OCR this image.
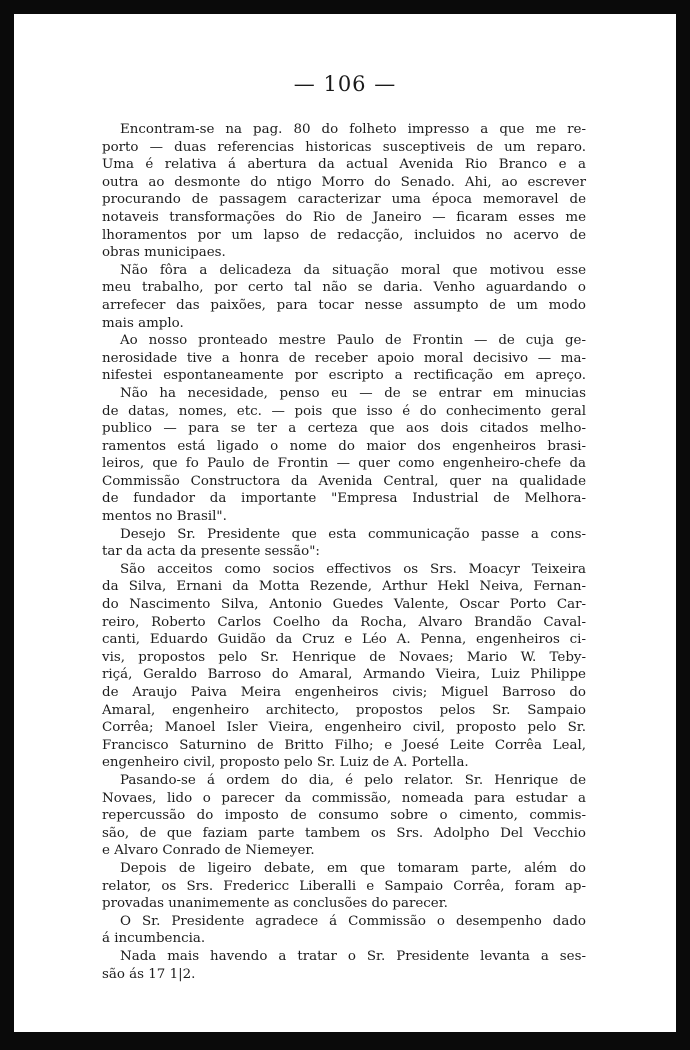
— 106 —
Encontram-se na pag. 80 do folheto impresso a que me re-
porto — duas referencias historicas susceptiveis de um reparo.
Uma é relativa á abertura da actual Avenida Rio Branco e a
outra ao desmonte do ntigo Morro do Senado. Ahi, ao escrever
procurando de passagem caracterizar uma época memoravel de
notaveis transformações do Rio de Janeiro — ficaram esses me
lhoramentos por um lapso de redacção, incluidos no acervo de
obras municipaes.
Não fôra a delicadeza da situação moral que motivou esse
meu trabalho, por certo tal não se daria. Venho aguardando o
arrefecer das paixões, para tocar nesse assumpto de um modo
mais amplo.
Ao nosso pronteado mestre Paulo de Frontin — de cuja ge-
nerosidade tive a honra de receber apoio moral decisivo — ma-
nifestei espontaneamente por escripto a rectificação em apreço.
Não ha necesidade, penso eu — de se entrar em minucias
de datas, nomes, etc. — pois que isso é do conhecimento geral
publico — para se ter a certeza que aos dois citados melho-
ramentos está ligado o nome do maior dos engenheiros brasi-
leiros, que fo Paulo de Frontin — quer como engenheiro-chefe da
Commissão Constructora da Avenida Central, quer na qualidade
de fundador da importante "Empresa Industrial de Melhora-
mentos no Brasil".
Desejo Sr. Presidente que esta communicação passe a cons-
tar da acta da presente sessão":
São acceitos como socios effectivos os Srs. Moacyr Teixeira
da Silva, Ernani da Motta Rezende, Arthur Hekl Neiva, Fernan-
do Nascimento Silva, Antonio Guedes Valente, Oscar Porto Car-
reiro, Roberto Carlos Coelho da Rocha, Alvaro Brandão Caval-
canti, Eduardo Guidão da Cruz e Léo A. Penna, engenheiros ci-
vis, propostos pelo Sr. Henrique de Novaes; Mario W. Teby-
riçá, Geraldo Barroso do Amaral, Armando Vieira, Luiz Philippe
de Araujo Paiva Meira engenheiros civis; Miguel Barroso do
Amaral, engenheiro architecto, propostos pelos Sr. Sampaio
Corrêa; Manoel Isler Vieira, engenheiro civil, proposto pelo Sr.
Francisco Saturnino de Britto Filho; e Joesé Leite Corrêa Leal,
engenheiro civil, proposto pelo Sr. Luiz de A. Portella.
Pasando-se á ordem do dia, é pelo relator. Sr. Henrique de
Novaes, lido o parecer da commissão, nomeada para estudar a
repercussão do imposto de consumo sobre o cimento, commis-
são, de que faziam parte tambem os Srs. Adolpho Del Vecchio
e Alvaro Conrado de Niemeyer.
Depois de ligeiro debate, em que tomaram parte, além do
relator, os Srs. Fredericc Liberalli e Sampaio Corrêa, foram ap-
provadas unanimemente as conclusões do parecer.
O Sr. Presidente agradece á Commissão o desempenho dado
á incumbencia.
Nada mais havendo a tratar o Sr. Presidente levanta a ses-
são ás 17 1|2.
